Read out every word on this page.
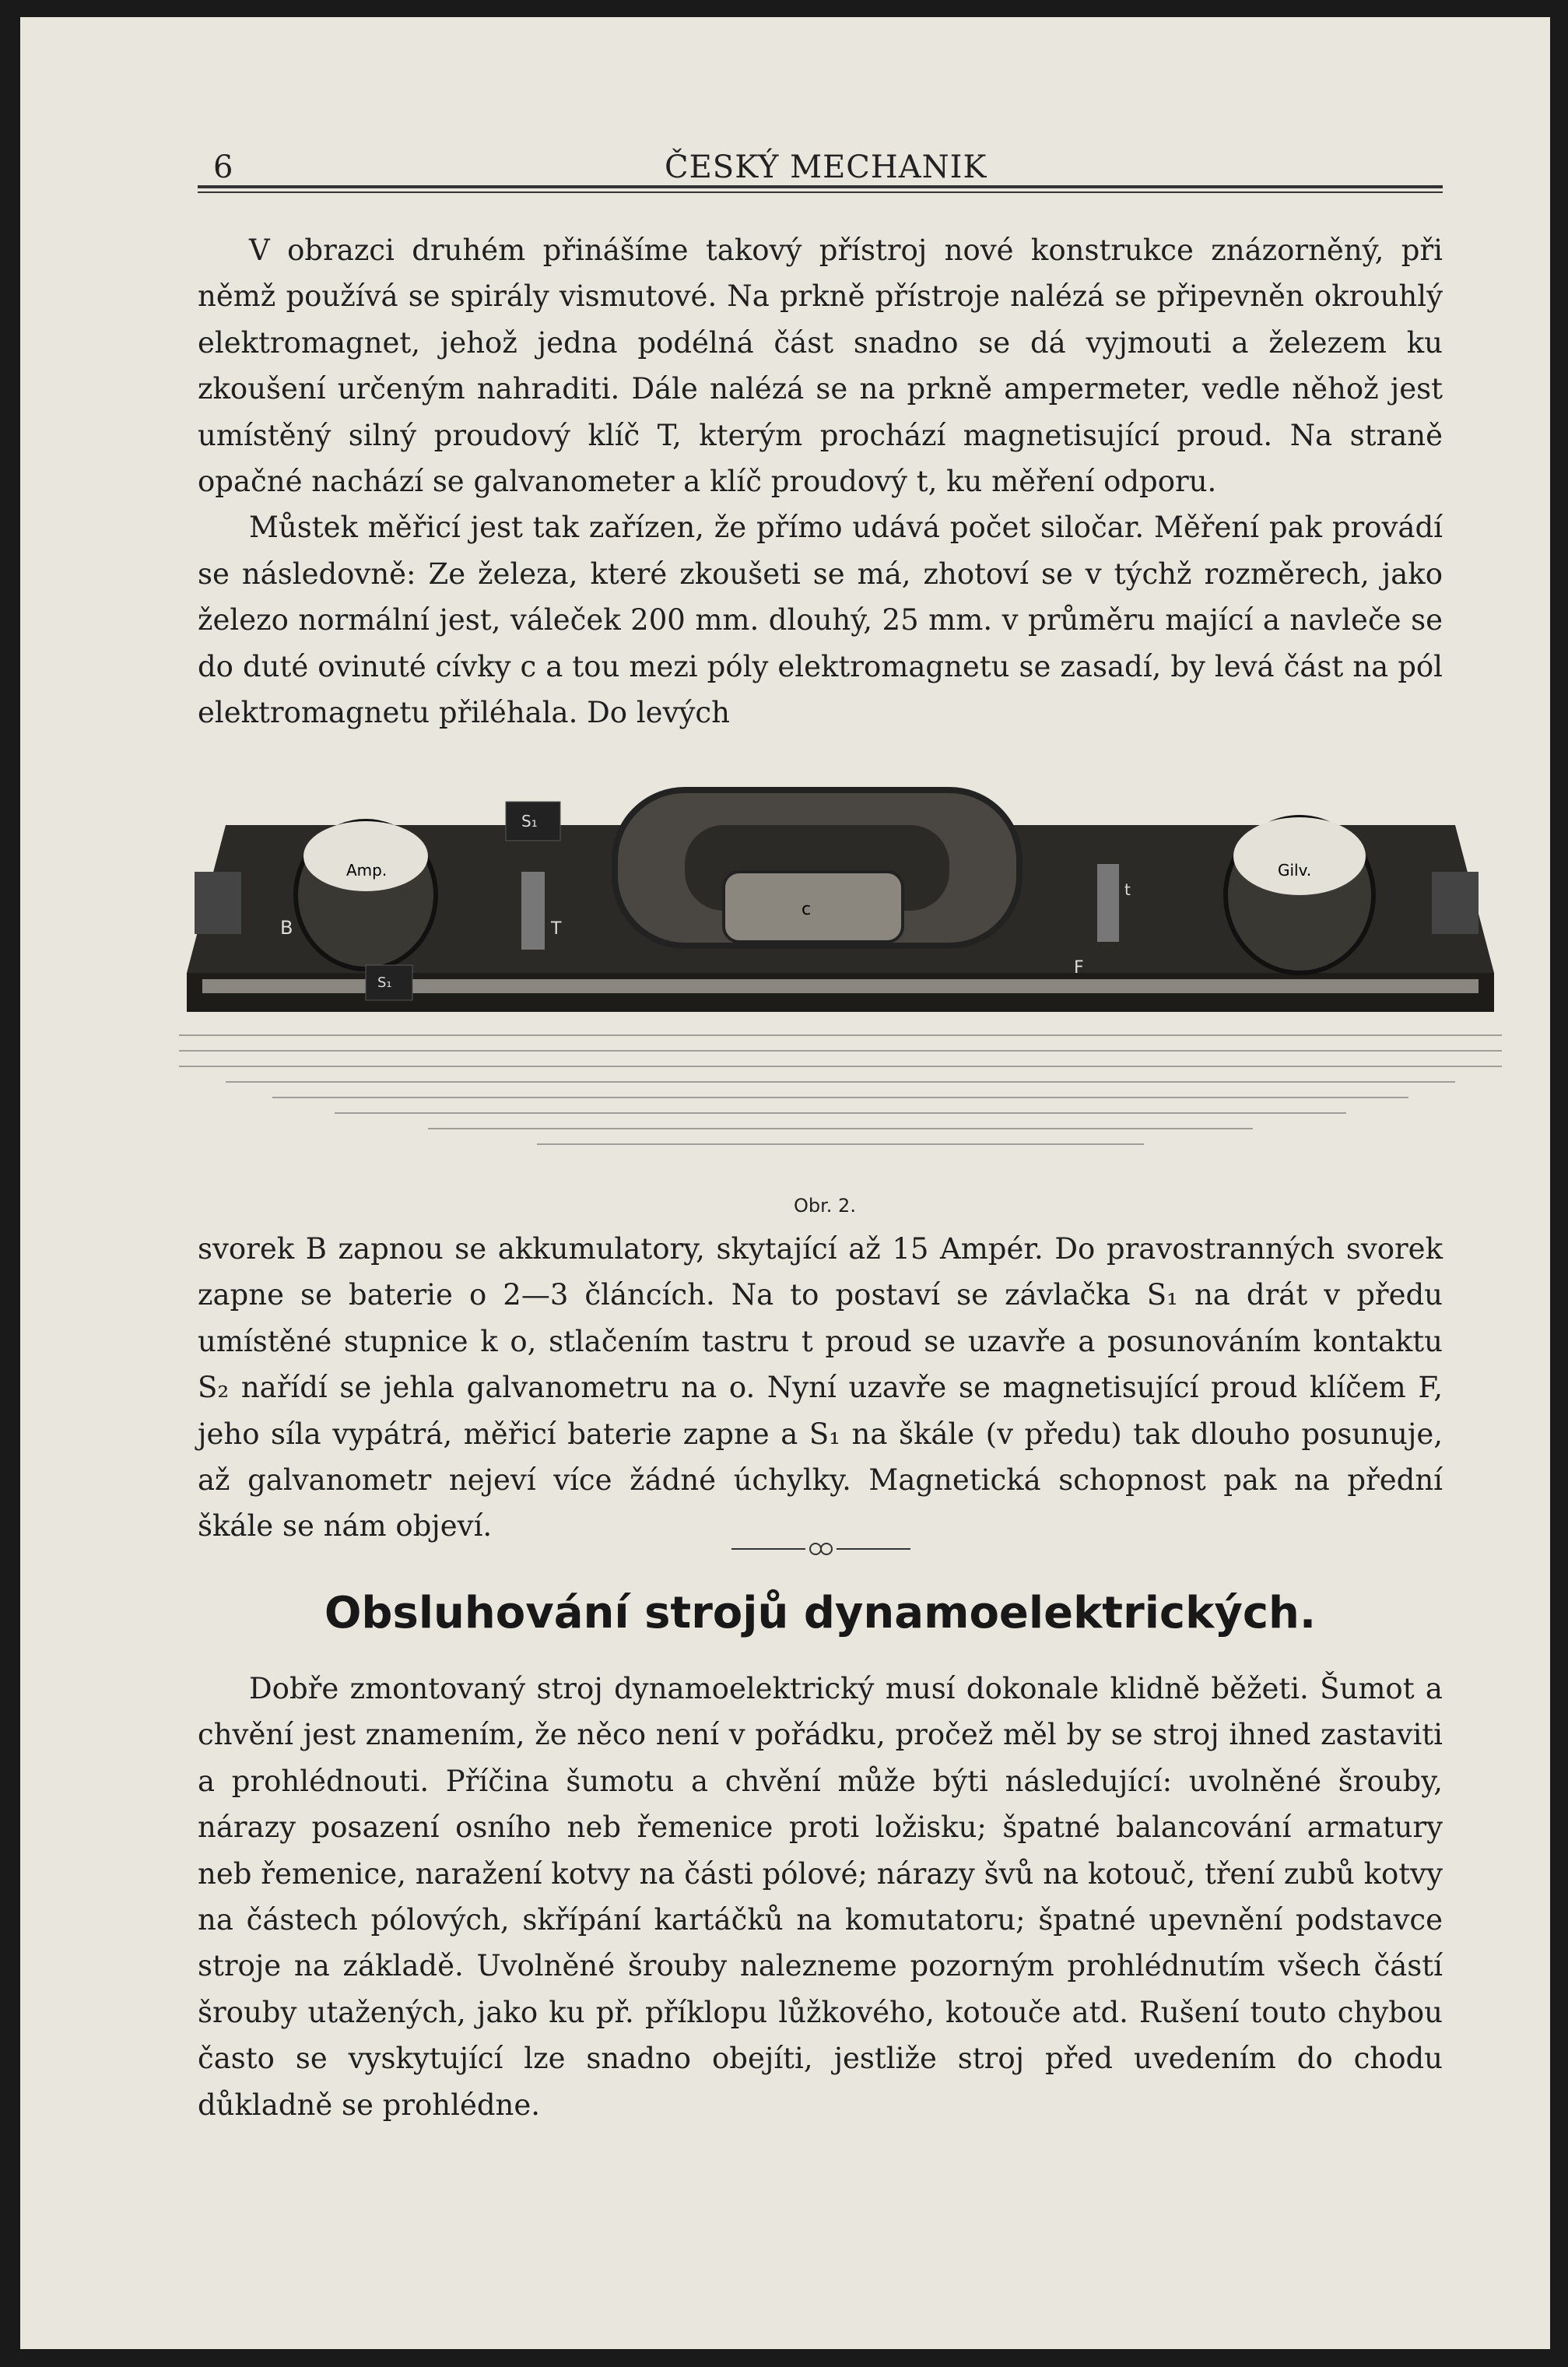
6	ČESKÝ MECHANIK

V obrazci druhém přinášíme takový přístroj nové konstrukce znázorněný, při němž používá se spirály vismutové. Na prkně přístroje nalézá se připevněn okrouhlý elektromagnet, jehož jedna podélná část snadno se dá vyjmouti a železem ku zkoušení určeným nahraditi. Dále nalézá se na prkně ampermeter, vedle něhož jest umístěný silný proudový klíč T, kterým prochází magnetisující proud. Na straně opačné nachází se galvanometer a klíč proudový t, ku měření odporu.

Můstek měřicí jest tak zařízen, že přímo udává počet siločar. Měření pak provádí se následovně: Ze železa, které zkoušeti se má, zhotoví se v týchž rozměrech, jako železo normální jest, váleček 200 mm. dlouhý, 25 mm. v průměru mající a navleče se do duté ovinuté cívky c a tou mezi póly elektromagnetu se zasadí, by levá část na pól elektromagnetu přiléhala. Do levých

Amp.
B	T
S₁
S₁
c
t
F
Gilv.
Obr. 2.

svorek B zapnou se akkumulatory, skytající až 15 Ampér. Do pravostranných svorek zapne se baterie o 2—3 článcích. Na to postaví se závlačka S₁ na drát v předu umístěné stupnice k o, stlačením tastru t proud se uzavře a posunováním kontaktu S₂ nařídí se jehla galvanometru na o. Nyní uzavře se magnetisující proud klíčem F, jeho síla vypátrá, měřicí baterie zapne a S₁ na škále (v předu) tak dlouho posunuje, až galvanometr nejeví více žádné úchylky. Magnetická schopnost pak na přední škále se nám objeví.

Obsluhování strojů dynamoelektrických.

Dobře zmontovaný stroj dynamoelektrický musí dokonale klidně běžeti. Šumot a chvění jest znamením, že něco není v pořádku, pročež měl by se stroj ihned zastaviti a prohlédnouti. Příčina šumotu a chvění může býti následující: uvolněné šrouby, nárazy posazení osního neb řemenice proti ložisku; špatné balancování armatury neb řemenice, naražení kotvy na části pólové; nárazy švů na kotouč, tření zubů kotvy na částech pólových, skřípání kartáčků na komutatoru; špatné upevnění podstavce stroje na základě. Uvolněné šrouby nalezneme pozorným prohlédnutím všech částí šrouby utažených, jako ku př. příklopu lůžkového, kotouče atd. Rušení touto chybou často se vyskytující lze snadno obejíti, jestliže stroj před uvedením do chodu důkladně se prohlédne.
